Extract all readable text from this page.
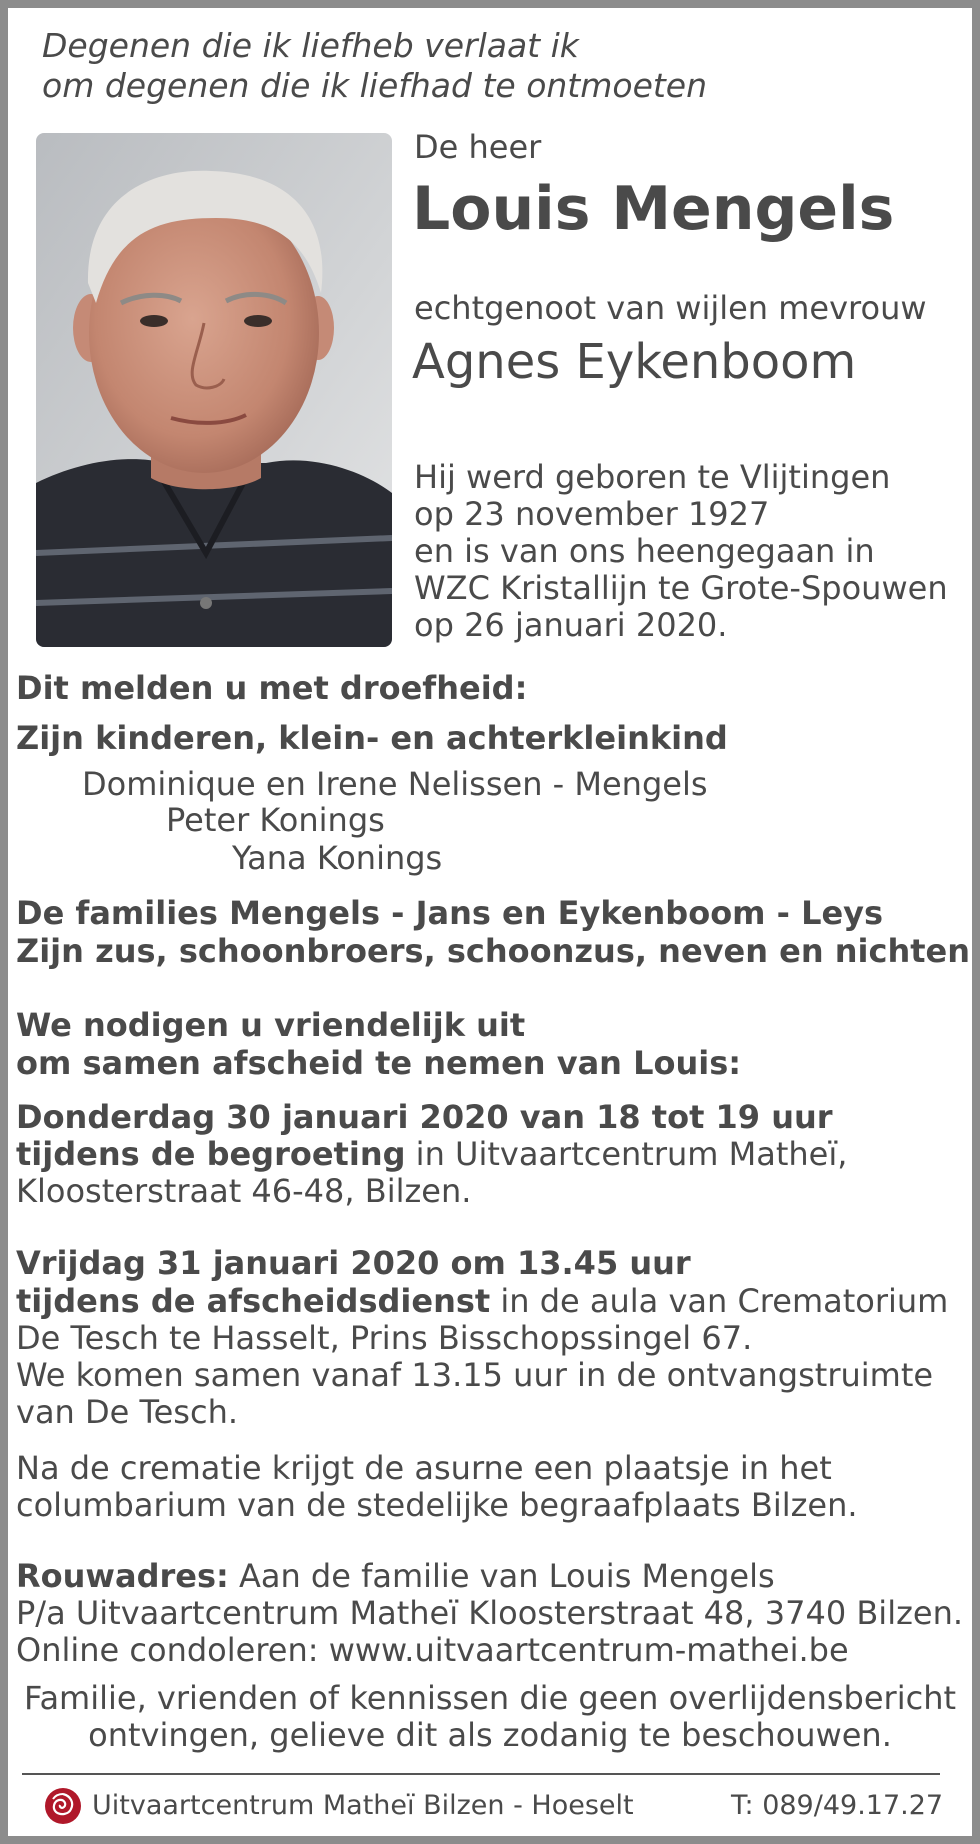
Degenen die ik liefheb verlaat ik
om degenen die ik liefhad te ontmoeten
De heer
Louis Mengels
echtgenoot van wijlen mevrouw
Agnes Eykenboom
Hij werd geboren te Vlijtingen
op 23 november 1927
en is van ons heengegaan in
WZC Kristallijn te Grote-Spouwen
op 26 januari 2020.
Dit melden u met droefheid:
Zijn kinderen, klein- en achterkleinkind
Dominique en Irene Nelissen - Mengels
Peter Konings
Yana Konings
De families Mengels - Jans en Eykenboom - Leys
Zijn zus, schoonbroers, schoonzus, neven en nichten
We nodigen u vriendelijk uit
om samen afscheid te nemen van Louis:
Donderdag 30 januari 2020 van 18 tot 19 uur
tijdens de begroeting in Uitvaartcentrum Matheï,
Kloosterstraat 46-48, Bilzen.
Vrijdag 31 januari 2020 om 13.45 uur
tijdens de afscheidsdienst in de aula van Crematorium
De Tesch te Hasselt, Prins Bisschopssingel 67.
We komen samen vanaf 13.15 uur in de ontvangstruimte
van De Tesch.
Na de crematie krijgt de asurne een plaatsje in het
columbarium van de stedelijke begraafplaats Bilzen.
Rouwadres: Aan de familie van Louis Mengels
P/a Uitvaartcentrum Matheï Kloosterstraat 48, 3740 Bilzen.
Online condoleren: www.uitvaartcentrum-mathei.be
Familie, vrienden of kennissen die geen overlijdensbericht
ontvingen, gelieve dit als zodanig te beschouwen.
Uitvaartcentrum Matheï Bilzen - Hoeselt	T: 089/49.17.27
